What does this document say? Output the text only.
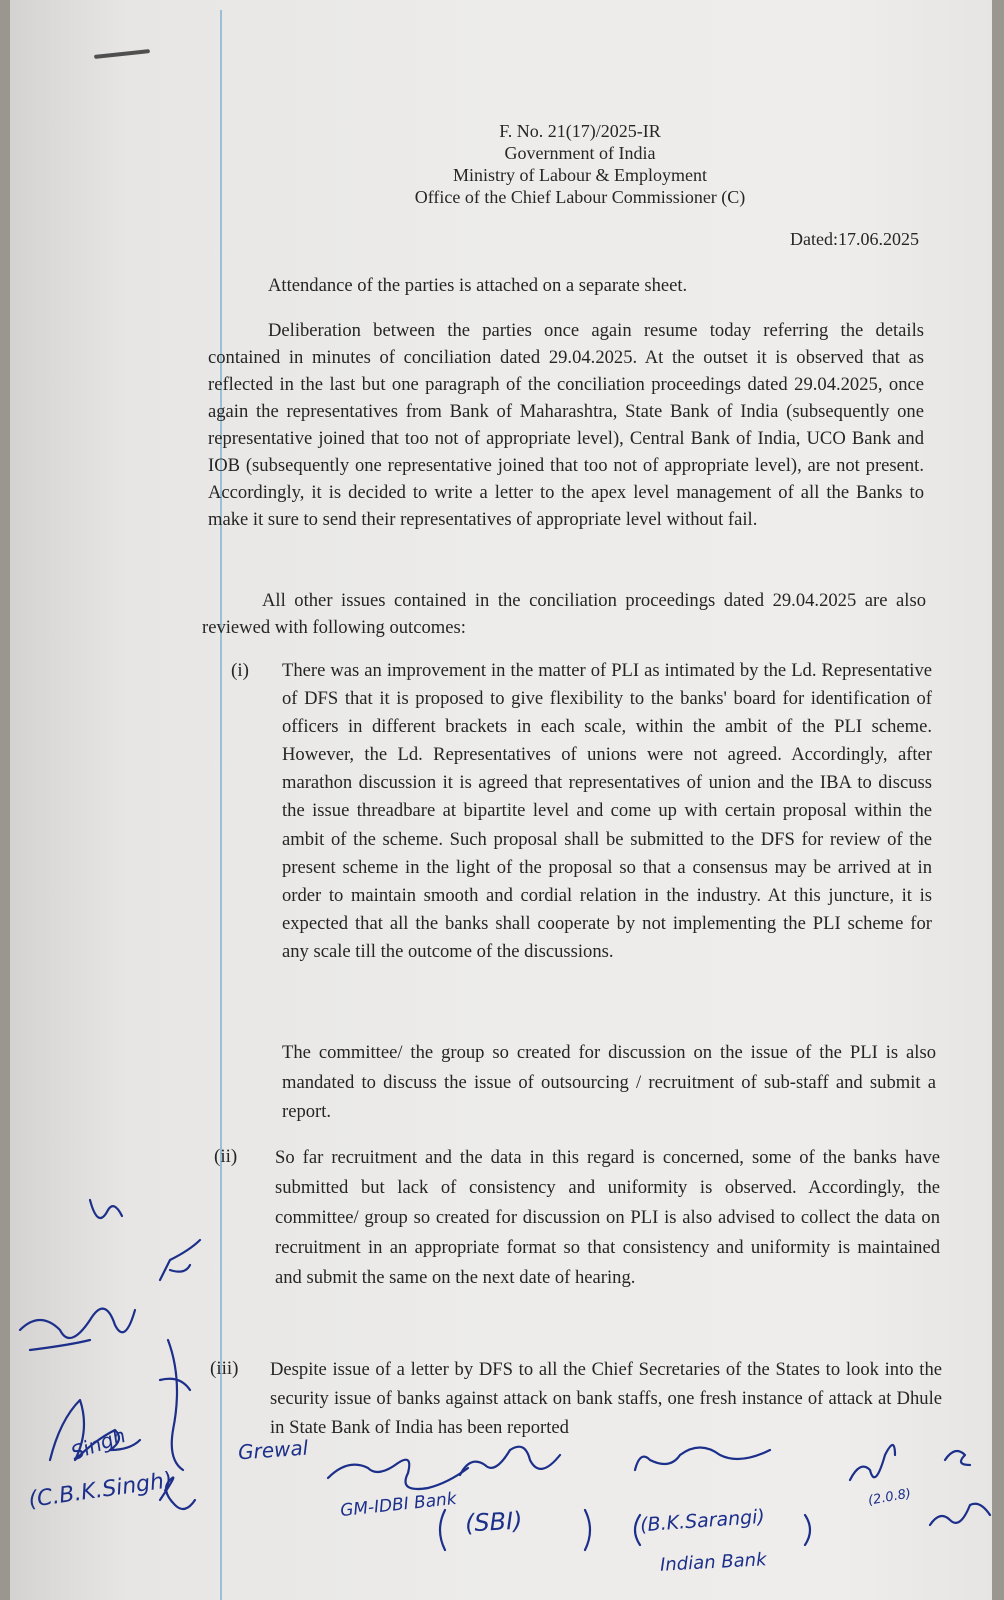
F. No. 21(17)/2025-IR
Government of India
Ministry of Labour & Employment
Office of the Chief Labour Commissioner (C)
Dated:17.06.2025
Attendance of the parties is attached on a separate sheet.
Deliberation between the parties once again resume today referring the details contained in minutes of conciliation dated 29.04.2025. At the outset it is observed that as reflected in the last but one paragraph of the conciliation proceedings dated 29.04.2025, once again the representatives from Bank of Maharashtra, State Bank of India (subsequently one representative joined that too not of appropriate level), Central Bank of India, UCO Bank and IOB (subsequently one representative joined that too not of appropriate level), are not present. Accordingly, it is decided to write a letter to the apex level management of all the Banks to make it sure to send their representatives of appropriate level without fail.
All other issues contained in the conciliation proceedings dated 29.04.2025 are also reviewed with following outcomes:
(i) There was an improvement in the matter of PLI as intimated by the Ld. Representative of DFS that it is proposed to give flexibility to the banks' board for identification of officers in different brackets in each scale, within the ambit of the PLI scheme. However, the Ld. Representatives of unions were not agreed. Accordingly, after marathon discussion it is agreed that representatives of union and the IBA to discuss the issue threadbare at bipartite level and come up with certain proposal within the ambit of the scheme. Such proposal shall be submitted to the DFS for review of the present scheme in the light of the proposal so that a consensus may be arrived at in order to maintain smooth and cordial relation in the industry. At this juncture, it is expected that all the banks shall cooperate by not implementing the PLI scheme for any scale till the outcome of the discussions.
The committee/ the group so created for discussion on the issue of the PLI is also mandated to discuss the issue of outsourcing / recruitment of sub-staff and submit a report.
(ii) So far recruitment and the data in this regard is concerned, some of the banks have submitted but lack of consistency and uniformity is observed. Accordingly, the committee/ group so created for discussion on PLI is also advised to collect the data on recruitment in an appropriate format so that consistency and uniformity is maintained and submit the same on the next date of hearing.
(iii) Despite issue of a letter by DFS to all the Chief Secretaries of the States to look into the security issue of banks against attack on bank staffs, one fresh instance of attack at Dhule in State Bank of India has been reported
(C.B.K.Singh)	GM-IDBI Bank
(SBI)	(B.K.Sarangi)
Indian Bank
(2.0.8)
Grewal
Singh
